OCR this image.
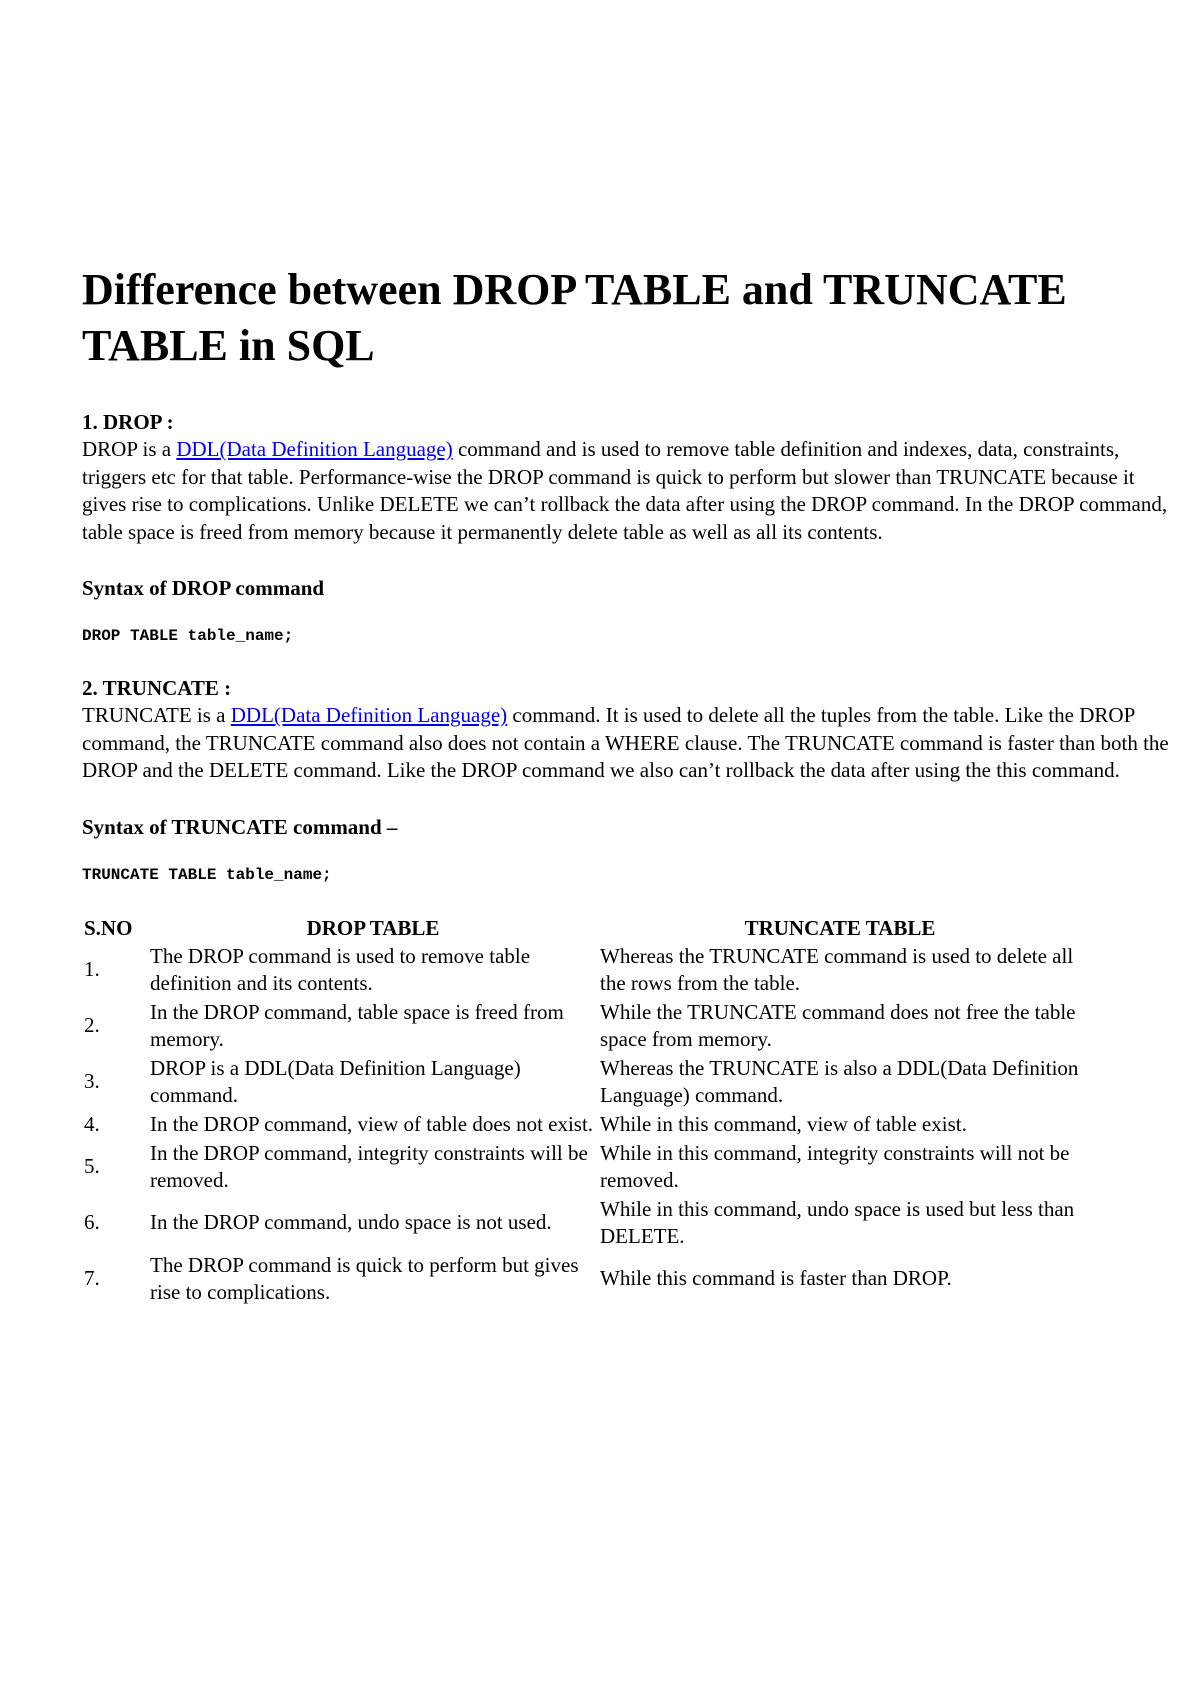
Difference between DROP TABLE and TRUNCATE TABLE in SQL

1. DROP :

DROP is a DDL(Data Definition Language) command and is used to remove table definition and indexes, data, constraints, triggers etc for that table. Performance-wise the DROP command is quick to perform but slower than TRUNCATE because it gives rise to complications. Unlike DELETE we can’t rollback the data after using the DROP command. In the DROP command, table space is freed from memory because it permanently delete table as well as all its contents.

Syntax of DROP command

DROP TABLE table_name;

2. TRUNCATE :

TRUNCATE is a DDL(Data Definition Language) command. It is used to delete all the tuples from the table. Like the DROP command, the TRUNCATE command also does not contain a WHERE clause. The TRUNCATE command is faster than both the DROP and the DELETE command. Like the DROP command we also can’t rollback the data after using the this command.

Syntax of TRUNCATE command –

TRUNCATE TABLE table_name;
S.NO	DROP TABLE	TRUNCATE TABLE
1.	The DROP command is used to remove table definition and its contents.	Whereas the TRUNCATE command is used to delete all the rows from the table.
2.	In the DROP command, table space is freed from memory.	While the TRUNCATE command does not free the table space from memory.
3.	DROP is a DDL(Data Definition Language) command.	Whereas the TRUNCATE is also a DDL(Data Definition Language) command.
4.	In the DROP command, view of table does not exist.	While in this command, view of table exist.
5.	In the DROP command, integrity constraints will be removed.	While in this command, integrity constraints will not be removed.
6.	In the DROP command, undo space is not used.	While in this command, undo space is used but less than DELETE.
7.	The DROP command is quick to perform but gives rise to complications.	While this command is faster than DROP.
